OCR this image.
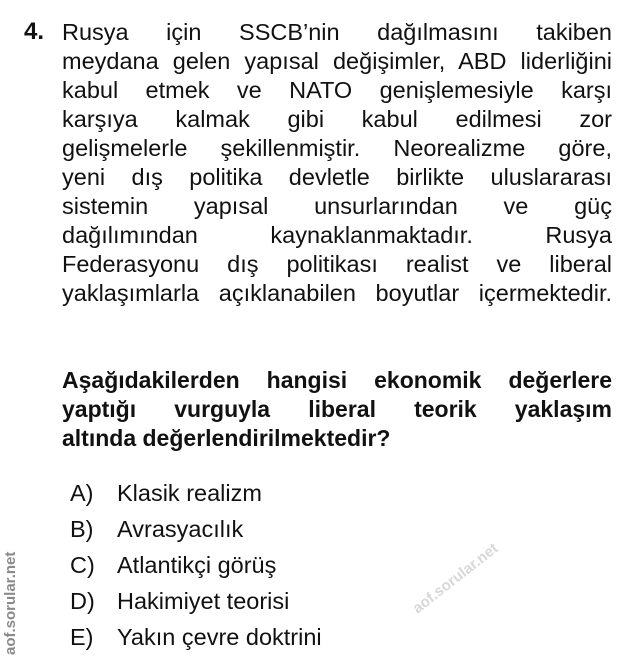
4. Rusya için SSCB’nin dağılmasını takiben
meydana gelen yapısal değişimler, ABD liderliğini
kabul etmek ve NATO genişlemesiyle karşı
karşıya kalmak gibi kabul edilmesi zor
gelişmelerle şekillenmiştir. Neorealizme göre,
yeni dış politika devletle birlikte uluslararası
sistemin yapısal unsurlarından ve güç
dağılımından kaynaklanmaktadır. Rusya
Federasyonu dış politikası realist ve liberal
yaklaşımlarla açıklanabilen boyutlar içermektedir.
Aşağıdakilerden hangisi ekonomik değerlere
yaptığı vurguyla liberal teorik yaklaşım
altında değerlendirilmektedir?
aof.sorular.net
A)	Klasik realizm
B)	Avrasyacılık
C) Atlantikçi görüş
D) Hakimiyet teorisi
E)	Yakın çevre doktrini
aof.sorular.net
